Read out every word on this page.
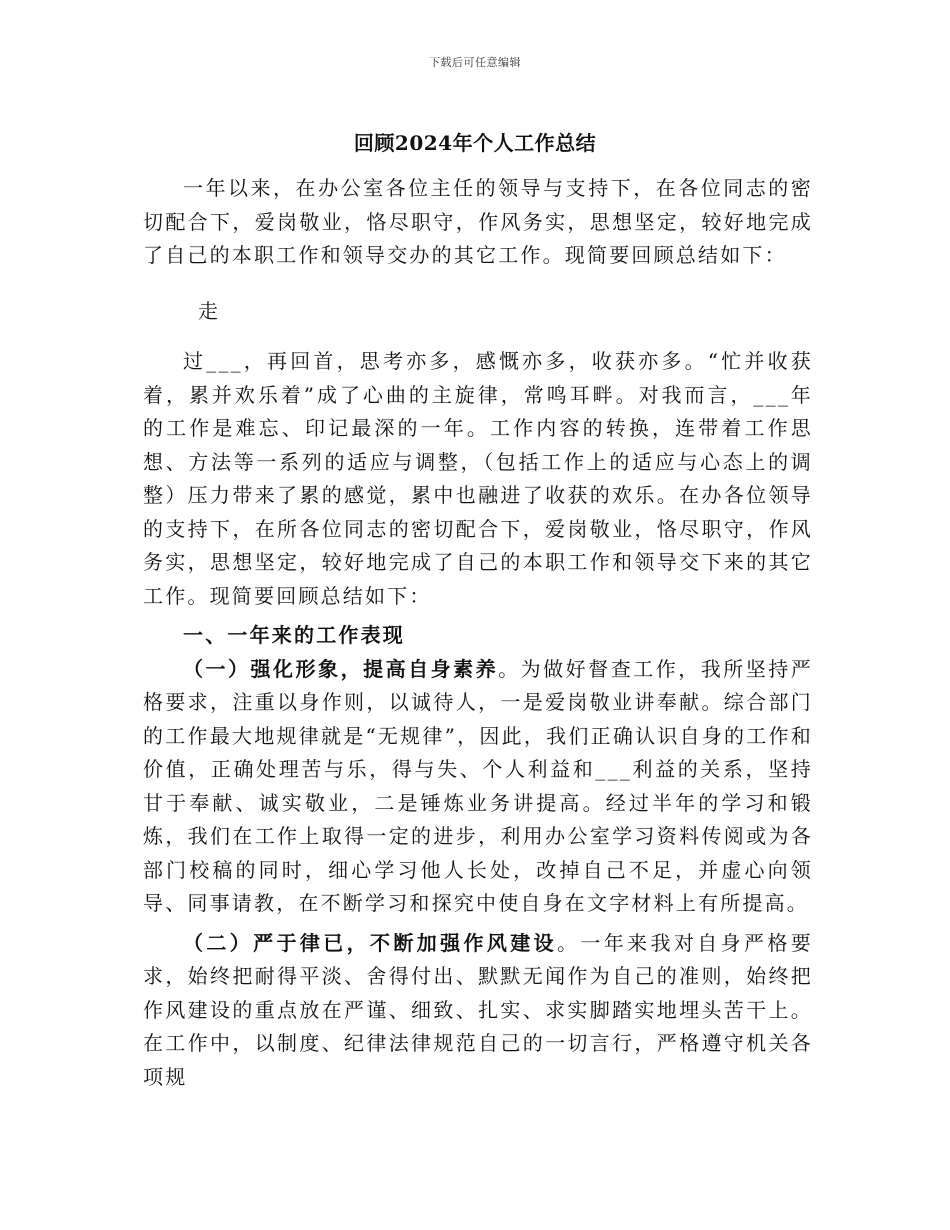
下载后可任意编辑
回顾2024年个人工作总结

一年以来，在办公室各位主任的领导与支持下，在各位同志的密切配合下，爱岗敬业，恪尽职守，作风务实，思想坚定，较好地完成了自己的本职工作和领导交办的其它工作。现简要回顾总结如下：

走

过___，再回首，思考亦多，感慨亦多，收获亦多。“忙并收获着，累并欢乐着”成了心曲的主旋律，常鸣耳畔。对我而言，___年的工作是难忘、印记最深的一年。工作内容的转换，连带着工作思想、方法等一系列的适应与调整，（包括工作上的适应与心态上的调整）压力带来了累的感觉，累中也融进了收获的欢乐。在办各位领导的支持下，在所各位同志的密切配合下，爱岗敬业，恪尽职守，作风务实，思想坚定，较好地完成了自己的本职工作和领导交下来的其它工作。现简要回顾总结如下：

一、一年来的工作表现

（一）强化形象，提高自身素养。为做好督查工作，我所坚持严格要求，注重以身作则，以诚待人，一是爱岗敬业讲奉献。综合部门的工作最大地规律就是“无规律”，因此，我们正确认识自身的工作和价值，正确处理苦与乐，得与失、个人利益和___利益的关系，坚持甘于奉献、诚实敬业，二是锤炼业务讲提高。经过半年的学习和锻炼，我们在工作上取得一定的进步，利用办公室学习资料传阅或为各部门校稿的同时，细心学习他人长处，改掉自己不足，并虚心向领导、同事请教，在不断学习和探究中使自身在文字材料上有所提高。

（二）严于律已，不断加强作风建设。一年来我对自身严格要求，始终把耐得平淡、舍得付出、默默无闻作为自己的准则，始终把作风建设的重点放在严谨、细致、扎实、求实脚踏实地埋头苦干上。在工作中，以制度、纪律法律规范自己的一切言行，严格遵守机关各项规
